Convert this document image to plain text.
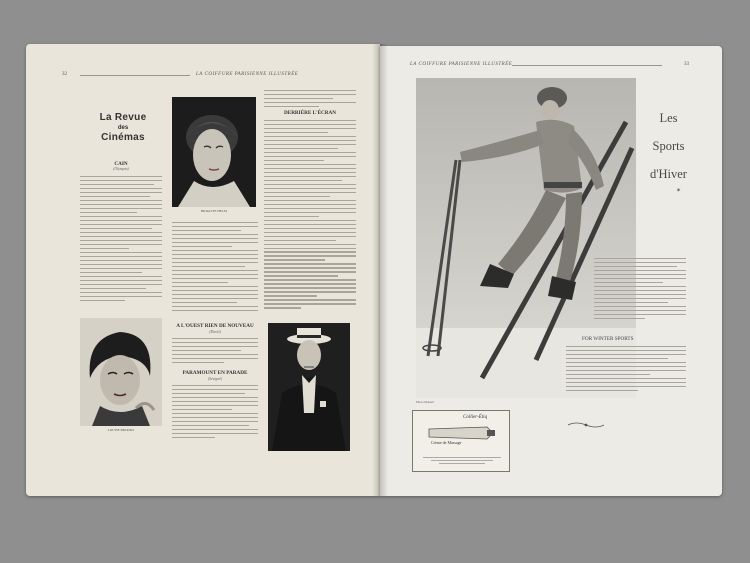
32	LA COIFFURE PARISIENNE ILLUSTRÉE
LA COIFFURE PARISIENNE ILLUSTRÉE	33
La Revue
des
Cinémas
BRIGITTE HELM
CAIN
(Olympia)
LOUISE BROOKS
A L'OUEST RIEN DE NOUVEAU
(Rivoli)
PARAMOUNT EN PARADE
(Sévigné)
DERRIÈRE L'ÉCRAN
Photo Manuel
Les
Sports
d'Hiver
✶
FOR WINTER SPORTS
Collier-Étiq
Crème de Massage
